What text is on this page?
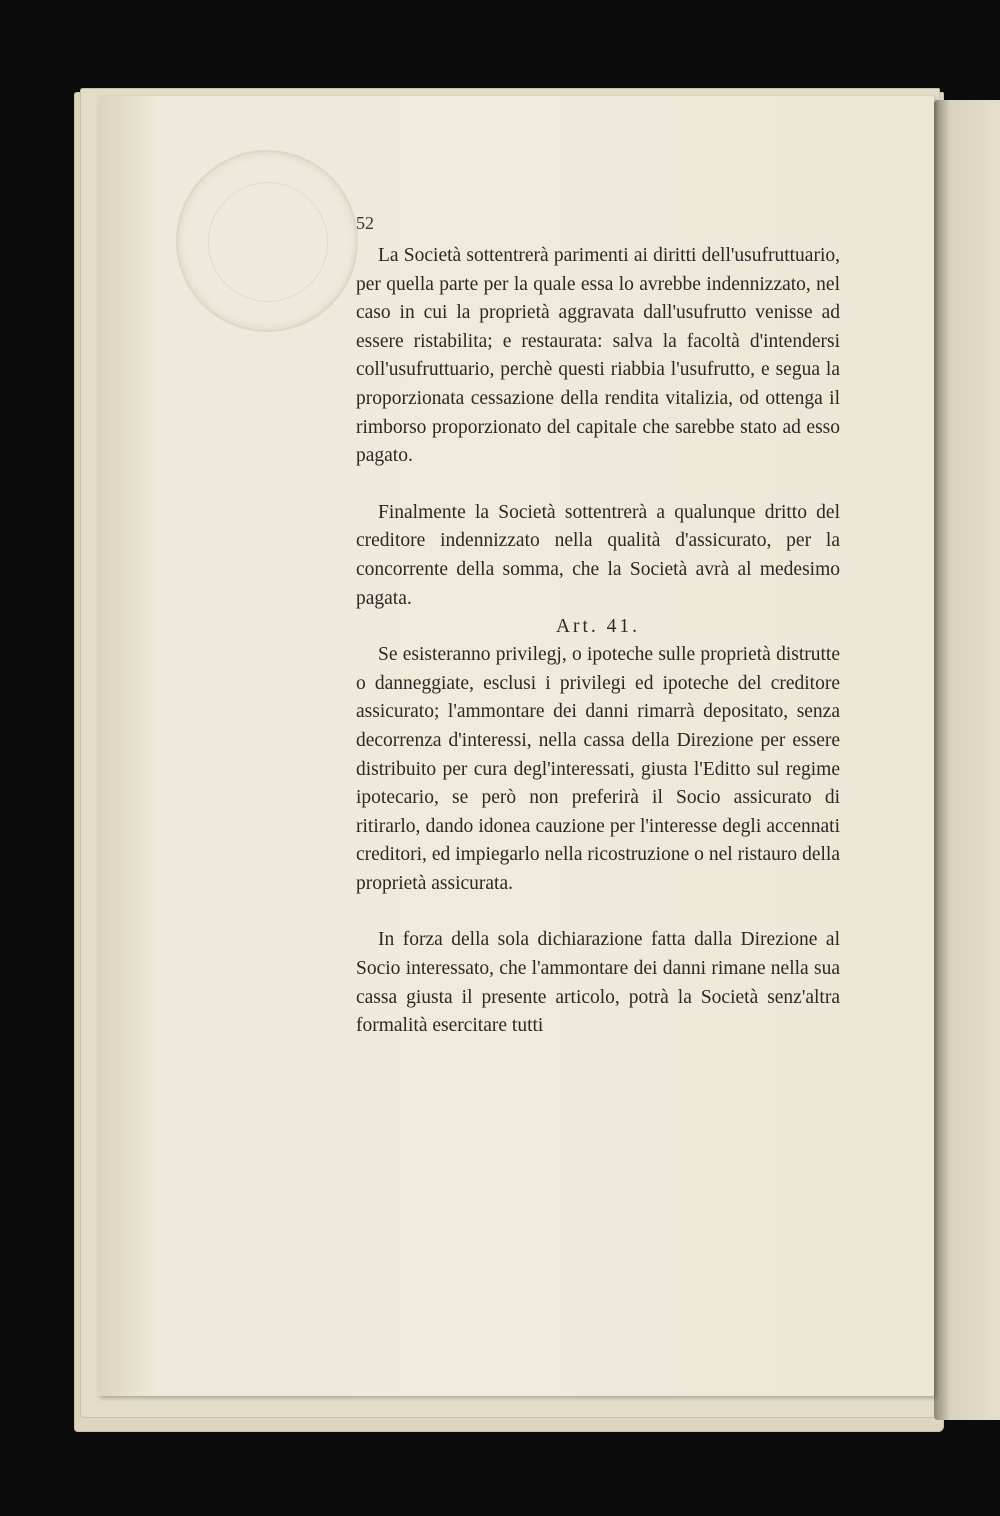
52

La Società sottentrerà parimenti ai diritti dell'usufruttuario, per quella parte per la quale essa lo avrebbe indennizzato, nel caso in cui la proprietà aggravata dall'usufrutto venisse ad essere ristabilita; e restaurata: salva la facoltà d'intendersi coll'usufruttuario, perchè questi riabbia l'usufrutto, e segua la proporzionata cessazione della rendita vitalizia, od ottenga il rimborso proporzionato del capitale che sarebbe stato ad esso pagato.

Finalmente la Società sottentrerà a qualunque dritto del creditore indennizzato nella qualità d'assicurato, per la concorrente della somma, che la Società avrà al medesimo pagata.

Art. 41.

Se esisteranno privilegj, o ipoteche sulle proprietà distrutte o danneggiate, esclusi i privilegi ed ipoteche del creditore assicurato; l'ammontare dei danni rimarrà depositato, senza decorrenza d'interessi, nella cassa della Direzione per essere distribuito per cura degl'interessati, giusta l'Editto sul regime ipotecario, se però non preferirà il Socio assicurato di ritirarlo, dando idonea cauzione per l'interesse degli accennati creditori, ed impiegarlo nella ricostruzione o nel ristauro della proprietà assicurata.

In forza della sola dichiarazione fatta dalla Direzione al Socio interessato, che l'ammontare dei danni rimane nella sua cassa giusta il presente articolo, potrà la Società senz'altra formalità esercitare tutti
